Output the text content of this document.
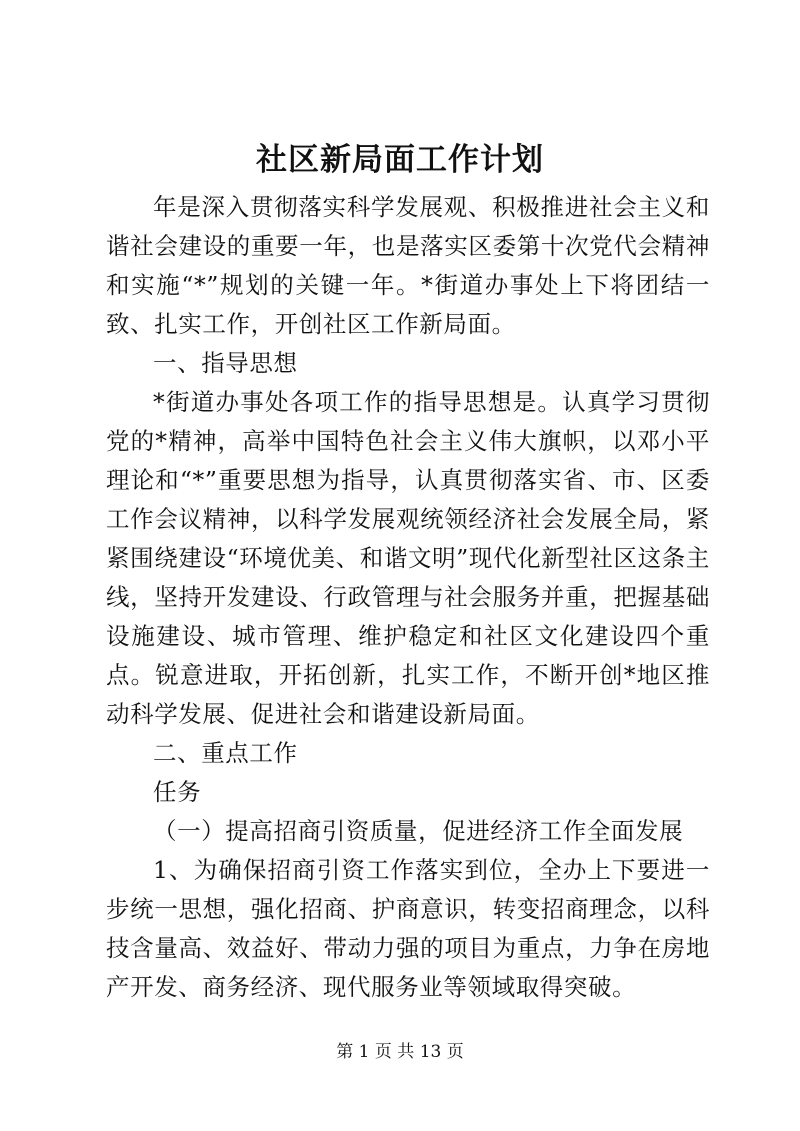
社区新局面工作计划

年是深入贯彻落实科学发展观、积极推进社会主义和谐社会建设的重要一年，也是落实区委第十次党代会精神和实施“*”规划的关键一年。*街道办事处上下将团结一致、扎实工作，开创社区工作新局面。

一、指导思想

*街道办事处各项工作的指导思想是。认真学习贯彻党的*精神，高举中国特色社会主义伟大旗帜，以邓小平理论和“*”重要思想为指导，认真贯彻落实省、市、区委工作会议精神，以科学发展观统领经济社会发展全局，紧紧围绕建设“环境优美、和谐文明”现代化新型社区这条主线，坚持开发建设、行政管理与社会服务并重，把握基础设施建设、城市管理、维护稳定和社区文化建设四个重点。锐意进取，开拓创新，扎实工作，不断开创*地区推动科学发展、促进社会和谐建设新局面。

二、重点工作

任务

（一）提高招商引资质量，促进经济工作全面发展

1、为确保招商引资工作落实到位，全办上下要进一步统一思想，强化招商、护商意识，转变招商理念，以科技含量高、效益好、带动力强的项目为重点，力争在房地产开发、商务经济、现代服务业等领域取得突破。

第 1 页 共 13 页
